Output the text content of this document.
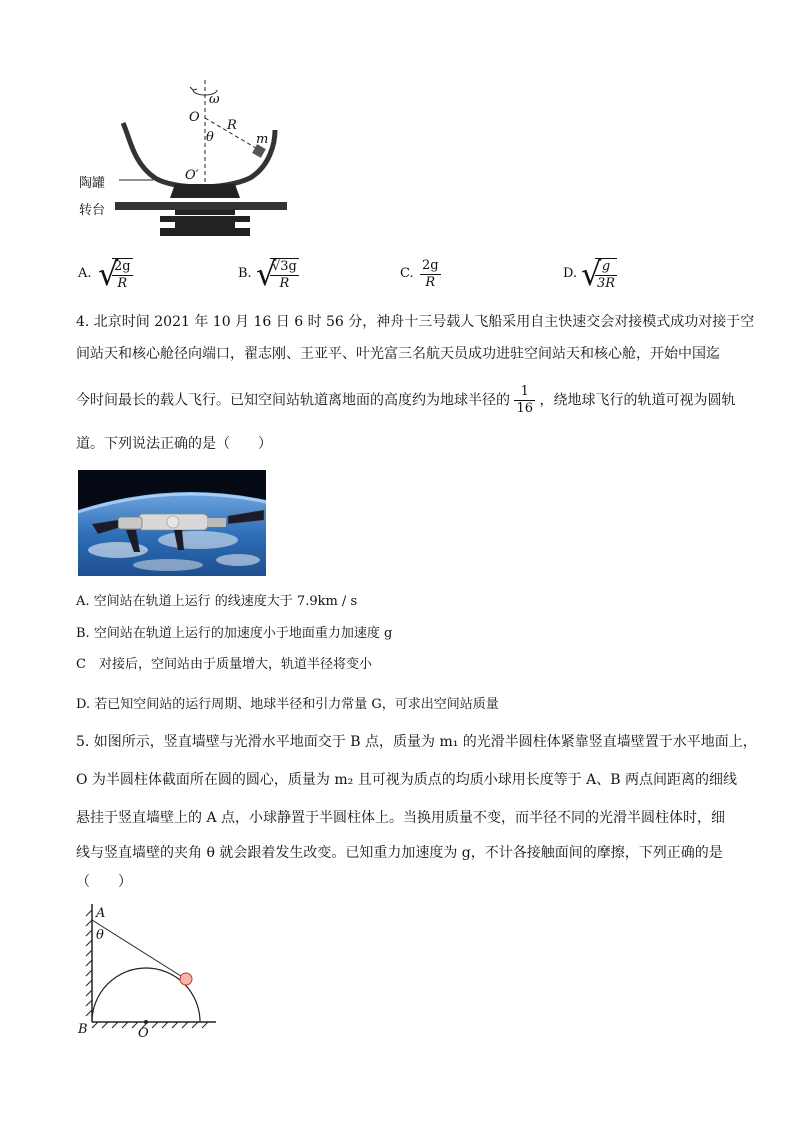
ω
O
R
m
θ
O′
陶罐
转台
A. √
$\frac{2g}{R}$	B. √
$\frac{√3g}{R}$	C. $\frac{2g}{R}$	D. √
$\frac{g}{3R}$
4. 北京时间 2021 年 10 月 16 日 6 时 56 分，神舟十三号载人飞船采用自主快速交会对接模式成功对接于空
间站天和核心舱径向端口，翟志刚、王亚平、叶光富三名航天员成功进驻空间站天和核心舱，开始中国迄
今时间最长的载人飞行。已知空间站轨道离地面的高度约为地球半径的 $\frac{1}{16}$ ，绕地球飞行的轨道可视为圆轨
道。下列说法正确的是（　　）
A. 空间站在轨道上运行 的线速度大于 7.9km / s
B. 空间站在轨道上运行的加速度小于地面重力加速度 g
C　对接后，空间站由于质量增大，轨道半径将变小
D. 若已知空间站的运行周期、地球半径和引力常量 G，可求出空间站质量
5. 如图所示，竖直墙壁与光滑水平地面交于 B 点，质量为 m₁ 的光滑半圆柱体紧靠竖直墙壁置于水平地面上，
O 为半圆柱体截面所在圆的圆心，质量为 m₂ 且可视为质点的均质小球用长度等于 A、B 两点间距离的细线
悬挂于竖直墙壁上的 A 点，小球静置于半圆柱体上。当换用质量不变，而半径不同的光滑半圆柱体时，细
线与竖直墙壁的夹角 θ 就会跟着发生改变。已知重力加速度为 g，不计各接触面间的摩擦，下列正确的是
（　　）
A
θ
B	O
